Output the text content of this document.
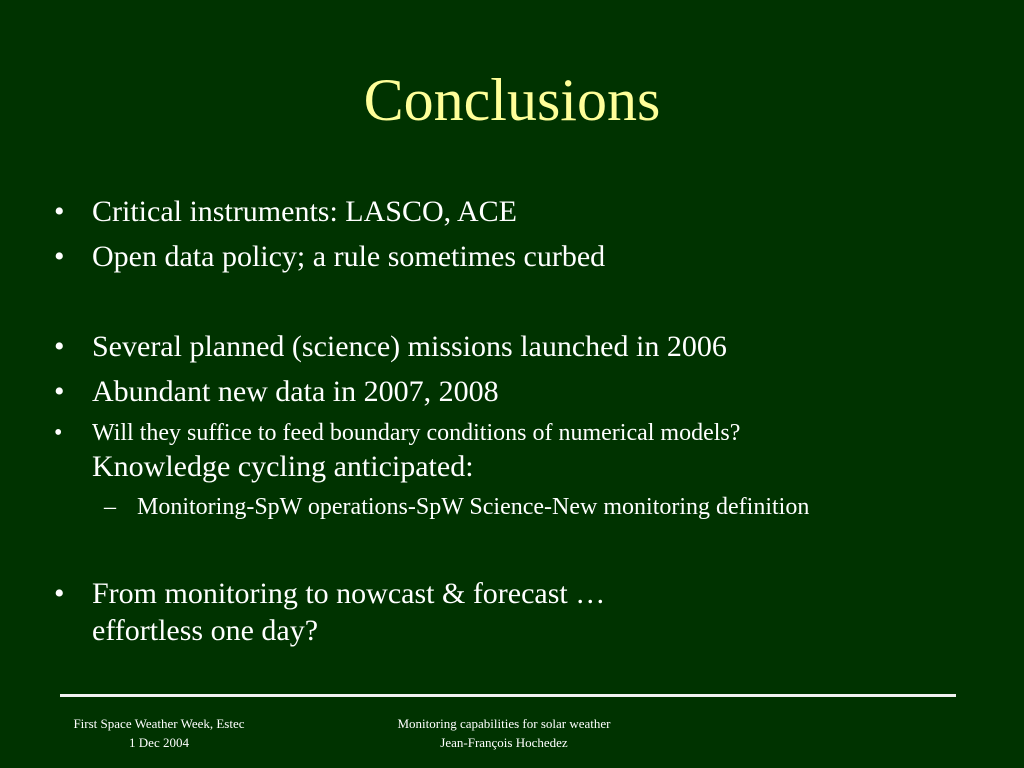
Conclusions
• Critical instruments: LASCO, ACE
• Open data policy; a rule sometimes curbed
• Several planned (science) missions launched in 2006
• Abundant new data in 2007, 2008
• Will they suffice to feed boundary conditions of numerical models?
Knowledge cycling anticipated:
– Monitoring-SpW operations-SpW Science-New monitoring definition
• From monitoring to nowcast & forecast …
effortless one day?
First Space Weather Week, Estec
1 Dec 2004
Monitoring capabilities for solar weather
Jean-François Hochedez
